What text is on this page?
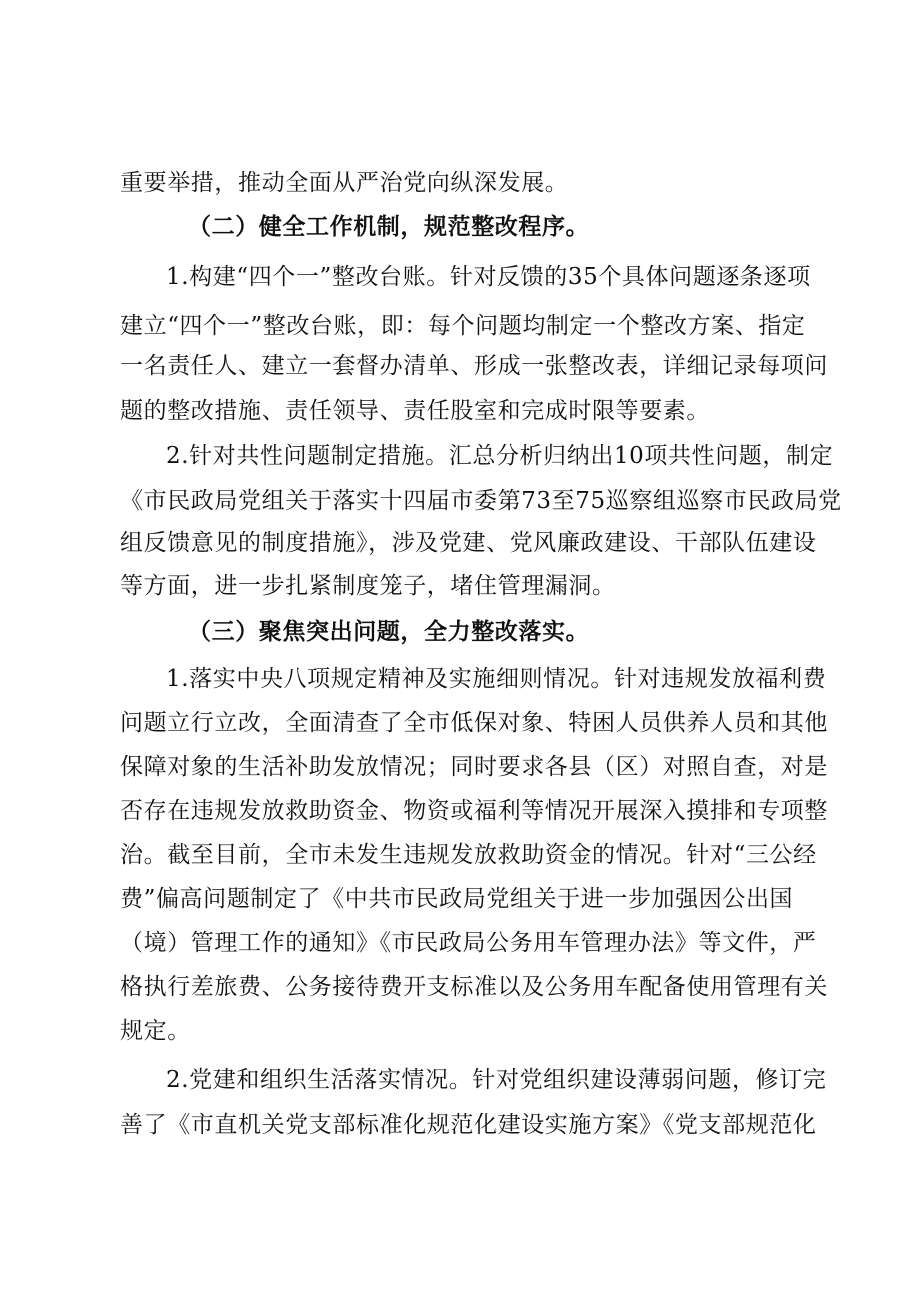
重要举措，推动全面从严治党向纵深发展。
（二）健全工作机制，规范整改程序。
1.构建“四个一”整改台账。针对反馈的35个具体问题逐条逐项
建立“四个一”整改台账，即：每个问题均制定一个整改方案、指定
一名责任人、建立一套督办清单、形成一张整改表，详细记录每项问
题的整改措施、责任领导、责任股室和完成时限等要素。
2.针对共性问题制定措施。汇总分析归纳出10项共性问题，制定
《市民政局党组关于落实十四届市委第73至75巡察组巡察市民政局党
组反馈意见的制度措施》，涉及党建、党风廉政建设、干部队伍建设
等方面，进一步扎紧制度笼子，堵住管理漏洞。
（三）聚焦突出问题，全力整改落实。
1.落实中央八项规定精神及实施细则情况。针对违规发放福利费
问题立行立改，全面清查了全市低保对象、特困人员供养人员和其他
保障对象的生活补助发放情况；同时要求各县（区）对照自查，对是
否存在违规发放救助资金、物资或福利等情况开展深入摸排和专项整
治。截至目前，全市未发生违规发放救助资金的情况。针对“三公经
费”偏高问题制定了《中共市民政局党组关于进一步加强因公出国
（境）管理工作的通知》《市民政局公务用车管理办法》等文件，严
格执行差旅费、公务接待费开支标准以及公务用车配备使用管理有关
规定。
2.党建和组织生活落实情况。针对党组织建设薄弱问题，修订完
善了《市直机关党支部标准化规范化建设实施方案》《党支部规范化
